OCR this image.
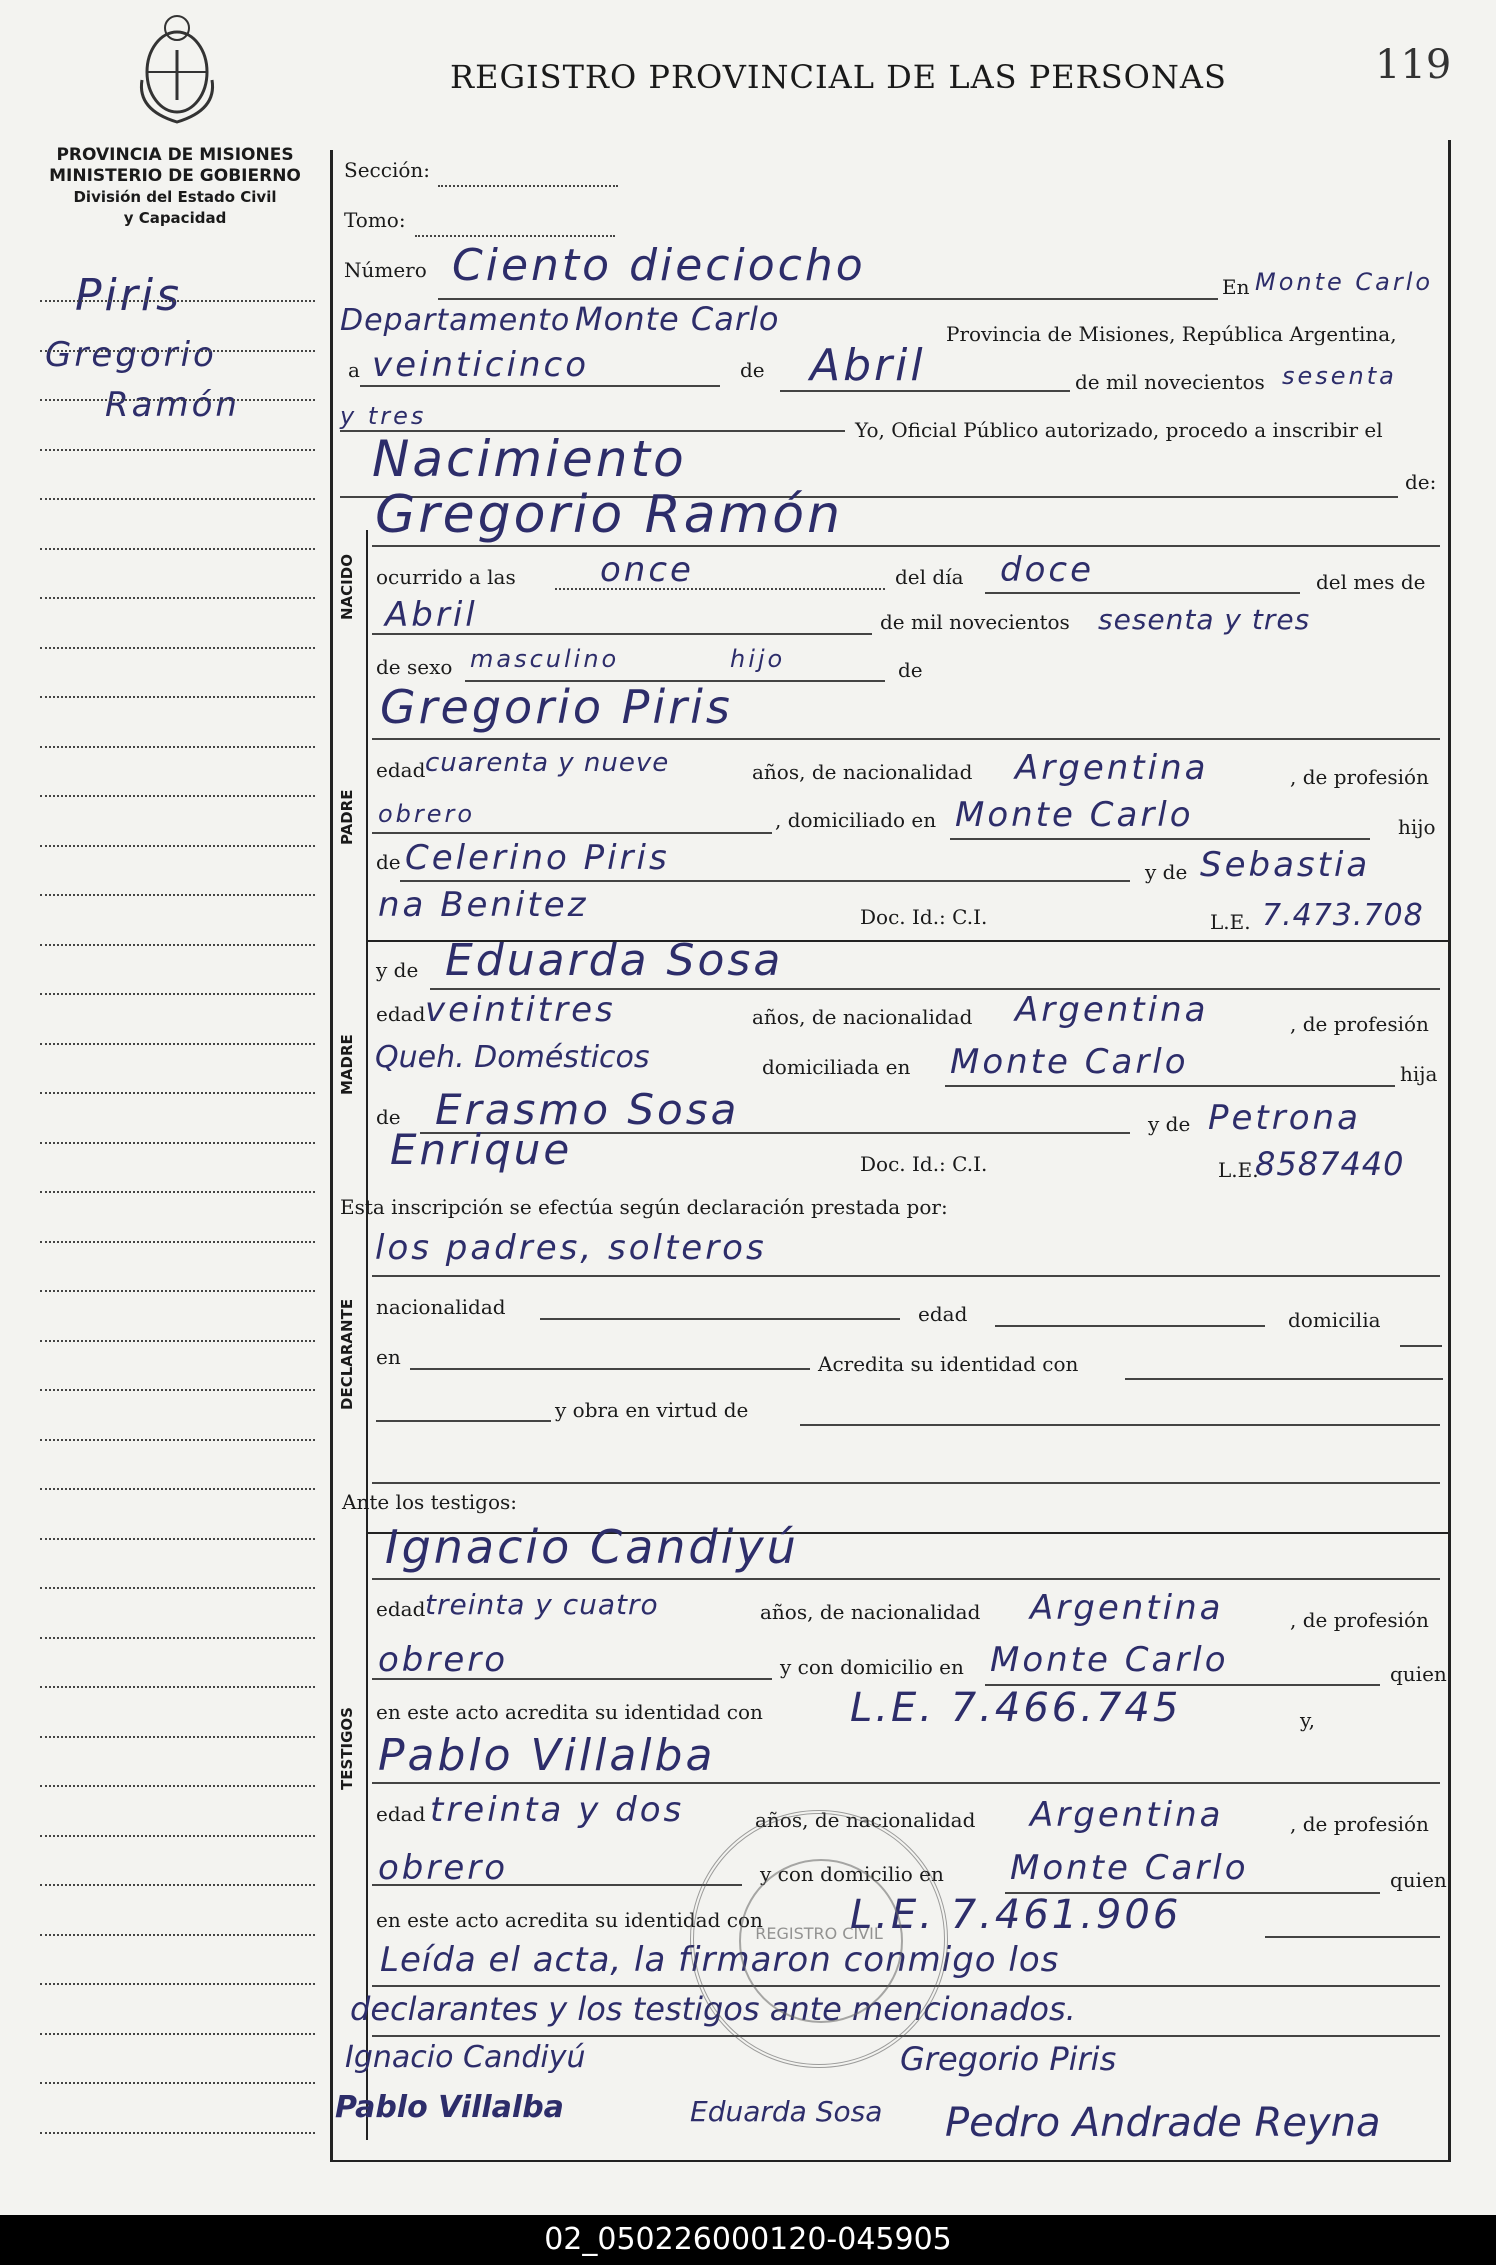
REGISTRO PROVINCIAL DE LAS PERSONAS	119
PROVINCIA DE MISIONES
MINISTERIO DE GOBIERNO
División del Estado Civil
y Capacidad
Piris
Gregorio
Ramón
Sección:
Tomo:
Número Ciento dieciocho	En Monte Carlo
Departamento Monte Carlo	Provincia de Misiones, República Argentina,
a veinticinco	de Abril	de mil novecientos sesenta
y tres	Yo, Oficial Público autorizado, procedo a inscribir el
Nacimiento	de:
NACIDO
Gregorio Ramón
ocurrido a las once	del día doce	del mes de
Abril	de mil novecientos sesenta y tres
de sexo masculino	hijo	de
PADRE
Gregorio Piris
edad cuarenta y nueve	años, de nacionalidad Argentina	, de profesión
obrero	, domiciliado en Monte Carlo	hijo
de Celerino Piris	y de Sebastia
na Benitez	Doc. Id.: C.I.	L.E. 7.473.708
MADRE
y de Eduarda Sosa
edad veintitres	años, de nacionalidad Argentina	, de profesión
Queh. Domésticos	domiciliada en Monte Carlo	hija
de Erasmo Sosa	y de Petrona
Enrique	Doc. Id.: C.I.	L.E.
8587440
Esta inscripción se efectúa según declaración prestada por:
DECLARANTE
los padres, solteros
nacionalidad	edad	domicilia
en	Acredita su identidad con
y obra en virtud de
Ante los testigos:
TESTIGOS
Ignacio Candiyú
edad treinta y cuatro	años, de nacionalidad Argentina	, de profesión
obrero	y con domicilio en Monte Carlo	quien
en este acto acredita su identidad con L.E. 7.466.745	y,
Pablo Villalba
edad treinta y dos	años, de nacionalidad Argentina	, de profesión
obrero	y con domicilio en Monte Carlo	quien
en este acto acredita su identidad con L.E. 7.461.906
Leída el acta, la firmaron conmigo los
declarantes y los testigos ante mencionados.
Ignacio Candiyú	Gregorio Piris
Pablo Villalba	Eduarda Sosa Pedro Andrade Reyna
REGISTRO CIVIL
02_050226000120-045905
